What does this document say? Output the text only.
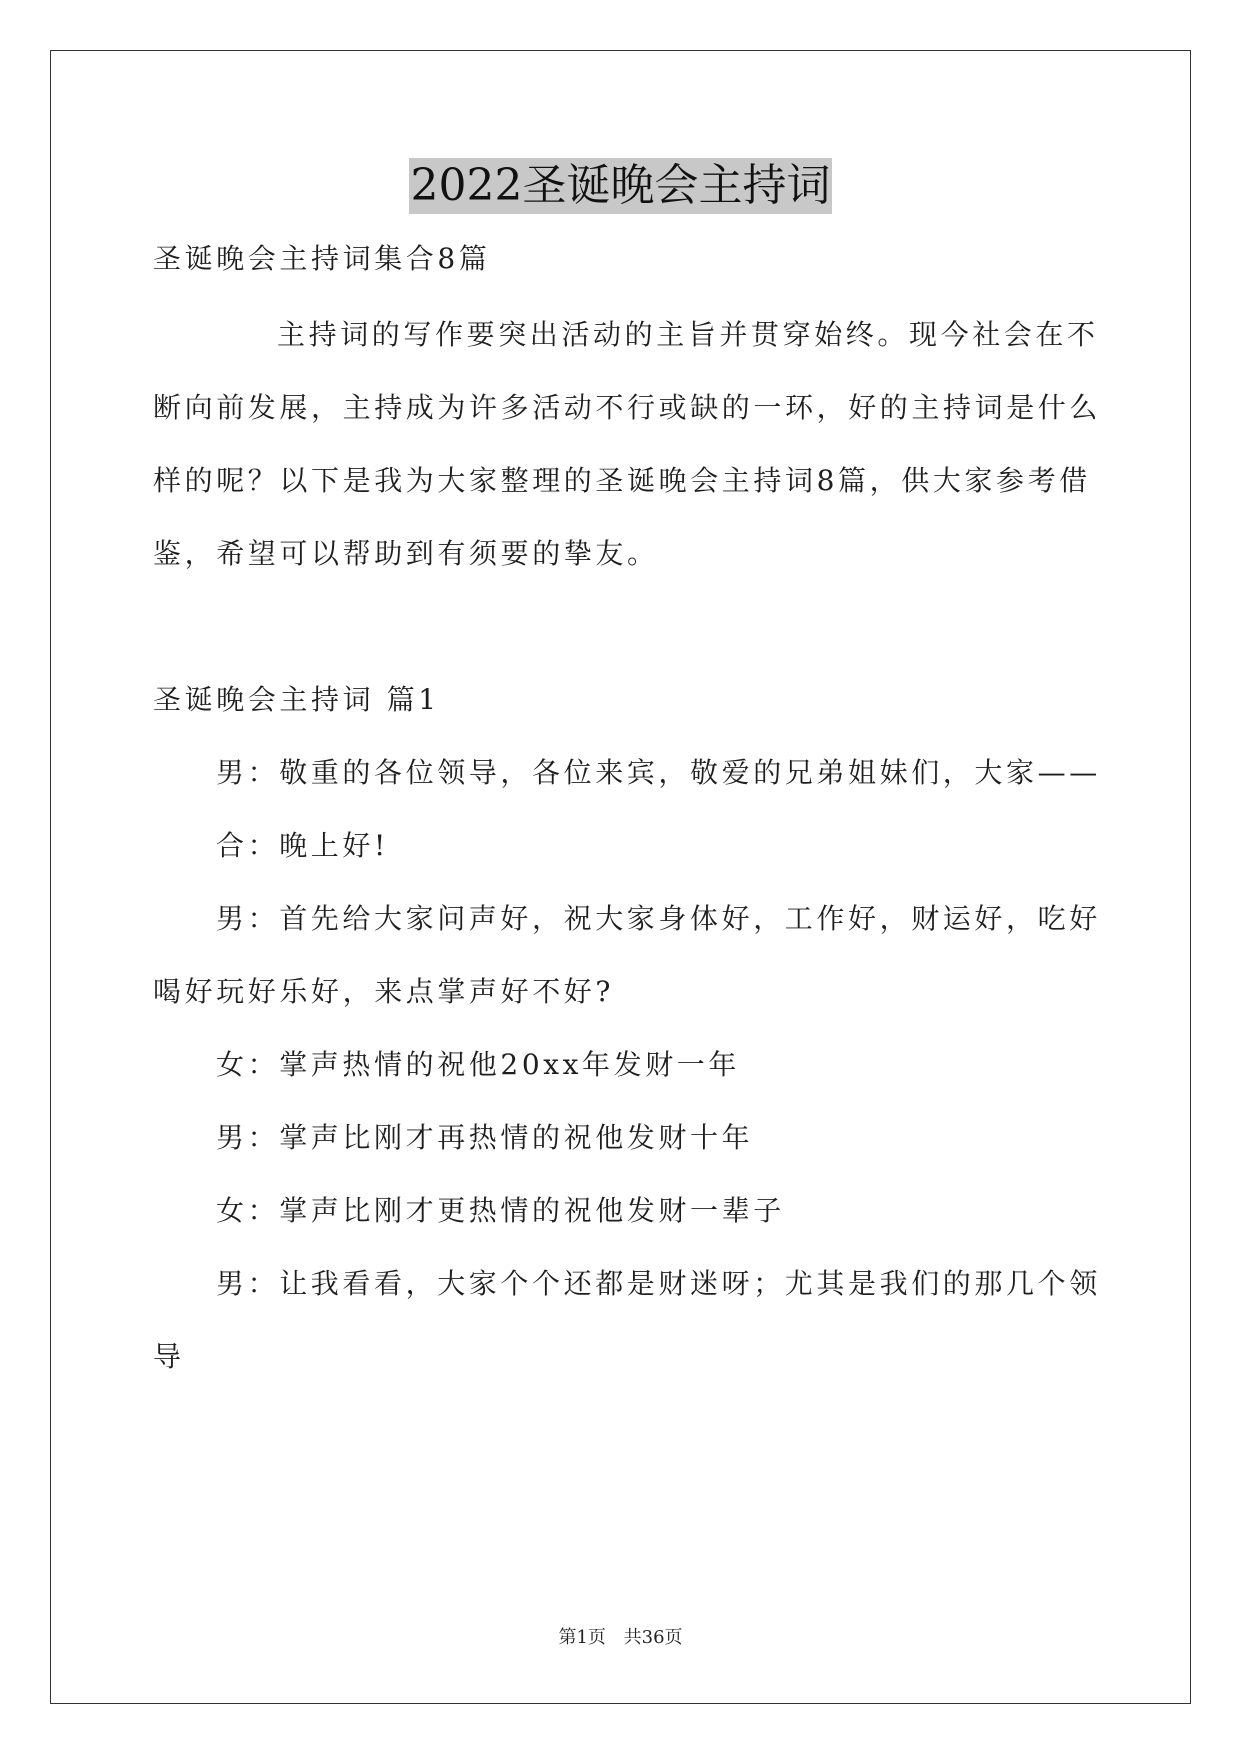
2022圣诞晚会主持词
圣诞晚会主持词集合8篇
主持词的写作要突出活动的主旨并贯穿始终。现今社会在不
断向前发展，主持成为许多活动不行或缺的一环，好的主持词是什么
样的呢？以下是我为大家整理的圣诞晚会主持词8篇，供大家参考借
鉴，希望可以帮助到有须要的挚友。
圣诞晚会主持词 篇1
男：敬重的各位领导，各位来宾，敬爱的兄弟姐妹们，大家——
合：晚上好!
男：首先给大家问声好，祝大家身体好，工作好，财运好，吃好
喝好玩好乐好，来点掌声好不好?
女：掌声热情的祝他20xx年发财一年
男：掌声比刚才再热情的祝他发财十年
女：掌声比刚才更热情的祝他发财一辈子
男：让我看看，大家个个还都是财迷呀；尤其是我们的那几个领
导
第1页 共36页
